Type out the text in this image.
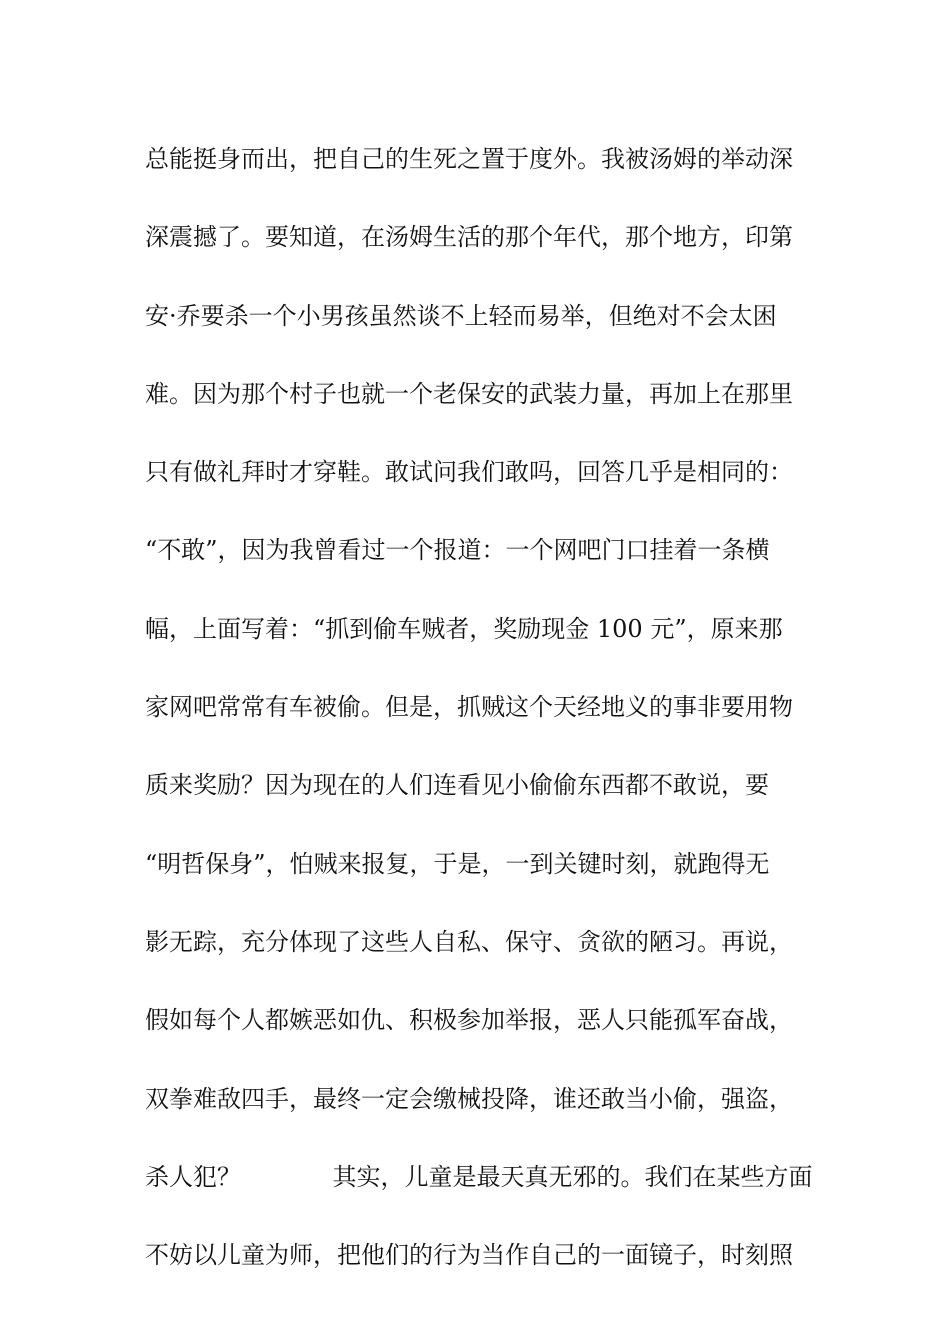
总能挺身而出，把自己的生死之置于度外。我被汤姆的举动深
深震撼了。要知道，在汤姆生活的那个年代，那个地方，印第
安·乔要杀一个小男孩虽然谈不上轻而易举，但绝对不会太困
难。因为那个村子也就一个老保安的武装力量，再加上在那里
只有做礼拜时才穿鞋。敢试问我们敢吗，回答几乎是相同的：
“不敢”，因为我曾看过一个报道：一个网吧门口挂着一条横
幅，上面写着：“抓到偷车贼者，奖励现金 100 元”，原来那
家网吧常常有车被偷。但是，抓贼这个天经地义的事非要用物
质来奖励？因为现在的人们连看见小偷偷东西都不敢说，要
“明哲保身”，怕贼来报复，于是，一到关键时刻，就跑得无
影无踪，充分体现了这些人自私、保守、贪欲的陋习。再说，
假如每个人都嫉恶如仇、积极参加举报，恶人只能孤军奋战，
双拳难敌四手，最终一定会缴械投降，谁还敢当小偷，强盗，
杀人犯？            其实，儿童是最天真无邪的。我们在某些方面
不妨以儿童为师，把他们的行为当作自己的一面镜子，时刻照
